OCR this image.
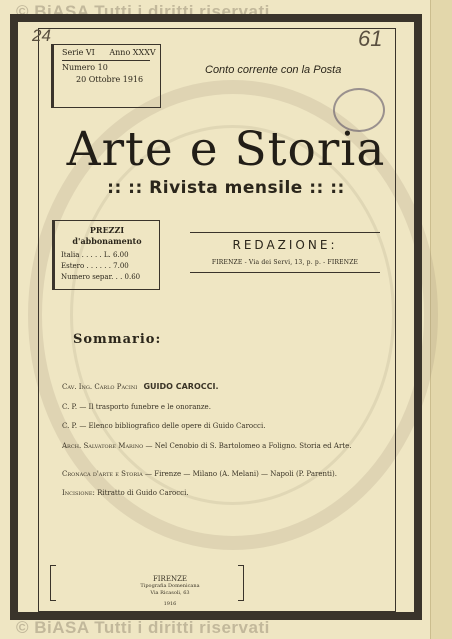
© BiASA Tutti i diritti riservati
© BiASA Tutti i diritti riservati
24	61
Serie VI Anno XXXV
Numero 10
20 Ottobre 1916
Conto corrente con la Posta
Arte e Storia
:: :: Rivista mensile :: ::
PREZZI
d'abbonamento
Italia . . . . . L. 6.00
Estero . . . . . . 7.00
Numero separ. . . 0.60
REDAZIONE:
FIRENZE - Via dei Servi, 13, p. p. - FIRENZE
Sommario:
Cav. Ing. Carlo Pacini GUIDO CAROCCI.
C. P. — Il trasporto funebre e le onoranze.
C. P. — Elenco bibliografico delle opere di Guido Carocci.
Arch. Salvatore Marino — Nel Cenobio di S. Bartolomeo a Foligno. Storia ed Arte.
Cronaca d'arte e Storia — Firenze — Milano (A. Melani) — Napoli (P. Parenti).
Incisione: Ritratto di Guido Carocci.
FIRENZE
Tipografia Domenicana
Via Ricasoli, 63
1916
